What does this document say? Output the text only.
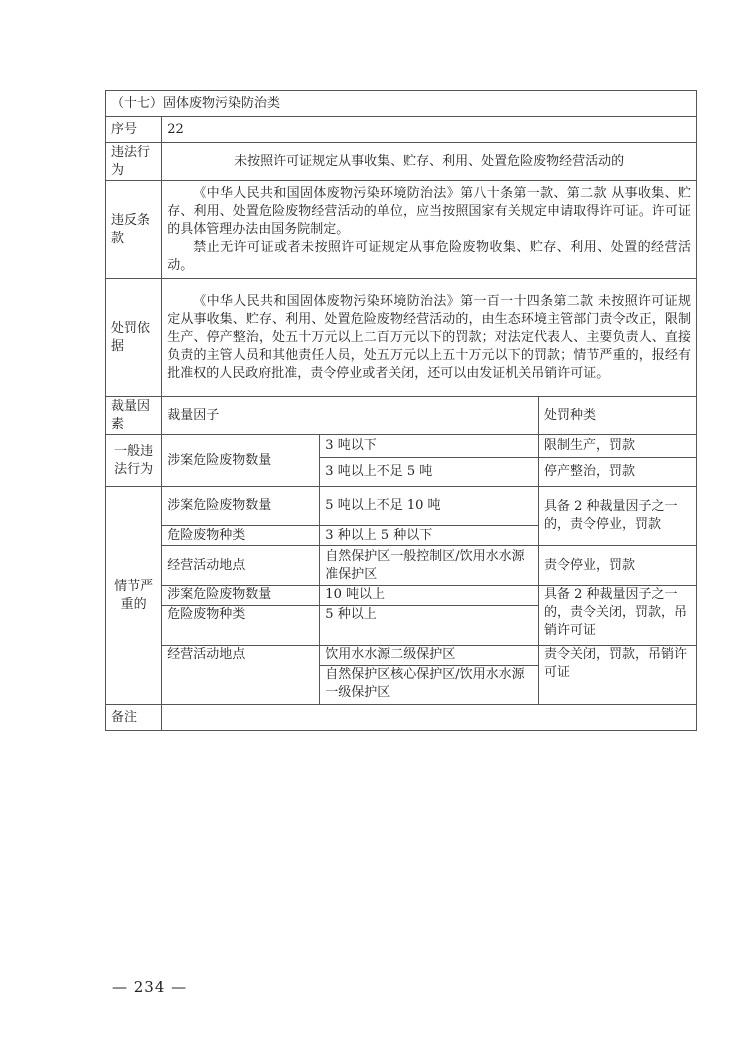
（十七）固体废物污染防治类			
序号	22		
违法行为	未按照许可证规定从事收集、贮存、利用、处置危险废物经营活动的		
违反条款	《中华人民共和国固体废物污染环境防治法》第八十条第一款、第二款 从事收集、贮存、利用、处置危险废物经营活动的单位，应当按照国家有关规定申请取得许可证。许可证的具体管理办法由国务院制定。

禁止无许可证或者未按照许可证规定从事危险废物收集、贮存、利用、处置的经营活动。		

处罚依据	《中华人民共和国固体废物污染环境防治法》第一百一十四条第二款 未按照许可证规定从事收集、贮存、利用、处置危险废物经营活动的，由生态环境主管部门责令改正，限制生产、停产整治，处五十万元以上二百万元以下的罚款；对法定代表人、主要负责人、直接负责的主管人员和其他责任人员，处五万元以上五十万元以下的罚款；情节严重的，报经有批准权的人民政府批准，责令停业或者关闭，还可以由发证机关吊销许可证。		

裁量因素	裁量因子		处罚种类
一般违法行为	涉案危险废物数量	3 吨以下	限制生产，罚款
		3 吨以上不足 5 吨	停产整治，罚款
情节严重的	涉案危险废物数量	5 吨以上不足 10 吨	具备 2 种裁量因子之一的，责令停业，罚款
	危险废物种类	3 种以上 5 种以下	
	经营活动地点	自然保护区一般控制区/饮用水水源准保护区	责令停业，罚款
	涉案危险废物数量	10 吨以上	具备 2 种裁量因子之一的，责令关闭，罚款，吊销许可证
	危险废物种类	5 种以上	
	经营活动地点	饮用水水源二级保护区	责令关闭，罚款，吊销许可证
		自然保护区核心保护区/饮用水水源一级保护区	

备注			
— 234 —
